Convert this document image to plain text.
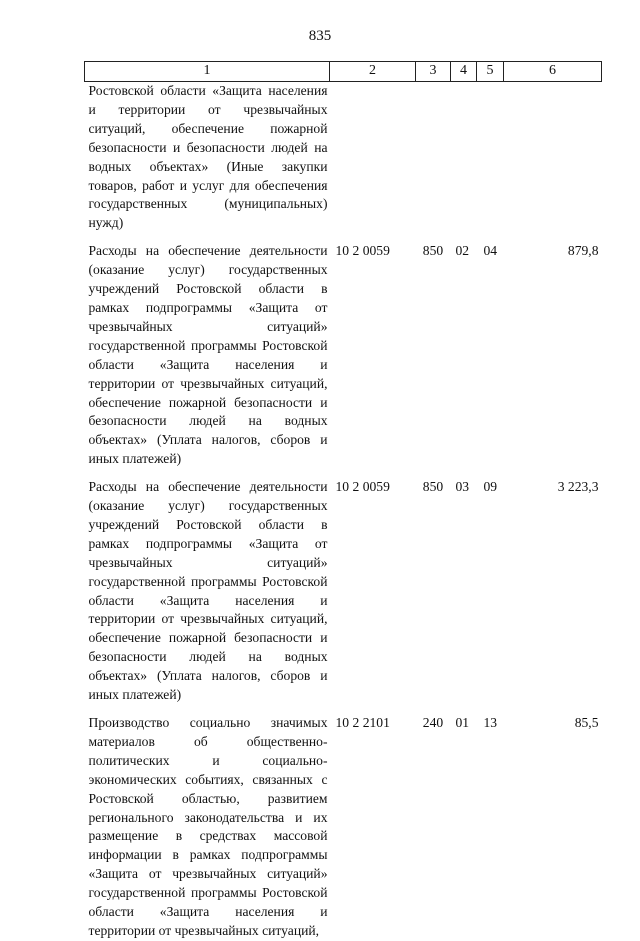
835
1	2	3	4	5	6
Ростовской области «Защита населения и территории от чрезвычайных ситуаций, обеспечение пожарной безопасности и безопасности людей на водных объектах» (Иные закупки товаров, работ и услуг для обеспечения государственных (муниципальных) нужд)					

Расходы на обеспечение деятельности (оказание услуг) государственных учреждений Ростовской области в рамках подпрограммы «Защита от чрезвычайных ситуаций» государственной программы Ростовской области «Защита населения и территории от чрезвычайных ситуаций, обеспечение пожарной безопасности и безопасности людей на водных объектах» (Уплата налогов, сборов и иных платежей)	10 2 0059	850	02	04	879,8

Расходы на обеспечение деятельности (оказание услуг) государственных учреждений Ростовской области в рамках подпрограммы «Защита от чрезвычайных ситуаций» государственной программы Ростовской области «Защита населения и территории от чрезвычайных ситуаций, обеспечение пожарной безопасности и безопасности людей на водных объектах» (Уплата налогов, сборов и иных платежей)	10 2 0059	850	03	09	3 223,3

Производство социально значимых материалов об общественно-политических и социально-экономических событиях, связанных с Ростовской областью, развитием регионального законодательства и их размещение в средствах массовой информации в рамках подпрограммы «Защита от чрезвычайных ситуаций» государственной программы Ростовской области «Защита населения и территории от чрезвычайных ситуаций,	10 2 2101	240	01	13	85,5
